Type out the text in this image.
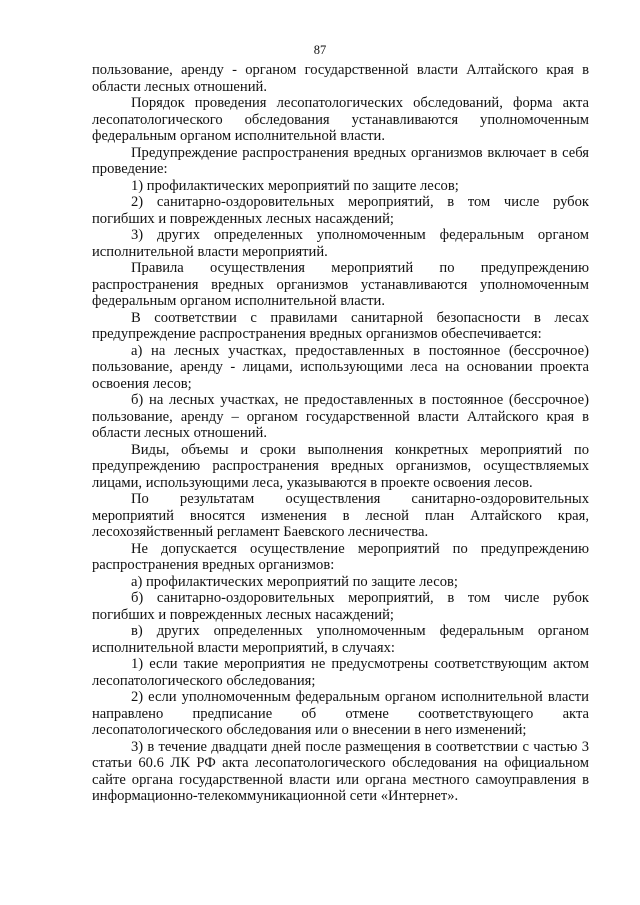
87

пользование, аренду - органом государственной власти Алтайского края в области лесных отношений.

Порядок проведения лесопатологических обследований, форма акта лесопатологического обследования устанавливаются уполномоченным федеральным органом исполнительной власти.

Предупреждение распространения вредных организмов включает в себя проведение:

1) профилактических мероприятий по защите лесов;

2) санитарно-оздоровительных мероприятий, в том числе рубок погибших и поврежденных лесных насаждений;

3) других определенных уполномоченным федеральным органом исполнительной власти мероприятий.

Правила осуществления мероприятий по предупреждению распространения вредных организмов устанавливаются уполномоченным федеральным органом исполнительной власти.

В соответствии с правилами санитарной безопасности в лесах предупреждение распространения вредных организмов обеспечивается:

а) на лесных участках, предоставленных в постоянное (бессрочное) пользование, аренду - лицами, использующими леса на основании проекта освоения лесов;

б) на лесных участках, не предоставленных в постоянное (бессрочное) пользование, аренду – органом государственной власти Алтайского края в области лесных отношений.

Виды, объемы и сроки выполнения конкретных мероприятий по предупреждению распространения вредных организмов, осуществляемых лицами, использующими леса, указываются в проекте освоения лесов.

По результатам осуществления санитарно-оздоровительных мероприятий вносятся изменения в лесной план Алтайского края, лесохозяйственный регламент Баевского лесничества.

Не допускается осуществление мероприятий по предупреждению распространения вредных организмов:

а) профилактических мероприятий по защите лесов;

б) санитарно-оздоровительных мероприятий, в том числе рубок погибших и поврежденных лесных насаждений;

в) других определенных уполномоченным федеральным органом исполнительной власти мероприятий, в случаях:

1) если такие мероприятия не предусмотрены соответствующим актом лесопатологического обследования;

2) если уполномоченным федеральным органом исполнительной власти направлено предписание об отмене соответствующего акта лесопатологического обследования или о внесении в него изменений;

3) в течение двадцати дней после размещения в соответствии с частью 3 статьи 60.6 ЛК РФ акта лесопатологического обследования на официальном сайте органа государственной власти или органа местного самоуправления в информационно-телекоммуникационной сети «Интернет».
